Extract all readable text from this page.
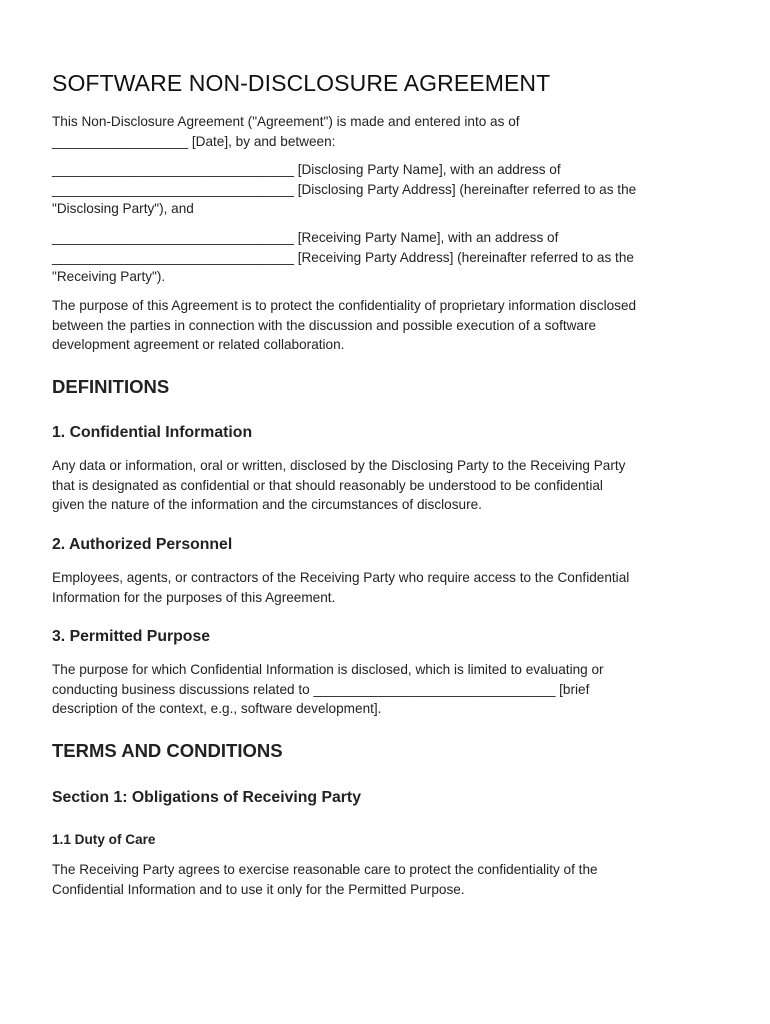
SOFTWARE NON-DISCLOSURE AGREEMENT

This Non-Disclosure Agreement ("Agreement") is made and entered into as of

__________________ [Date], by and between:

________________________________ [Disclosing Party Name], with an address of

________________________________ [Disclosing Party Address] (hereinafter referred to as the

"Disclosing Party"), and

________________________________ [Receiving Party Name], with an address of

________________________________ [Receiving Party Address] (hereinafter referred to as the

"Receiving Party").

The purpose of this Agreement is to protect the confidentiality of proprietary information disclosed

between the parties in connection with the discussion and possible execution of a software

development agreement or related collaboration.

DEFINITIONS
1. Confidential Information

Any data or information, oral or written, disclosed by the Disclosing Party to the Receiving Party

that is designated as confidential or that should reasonably be understood to be confidential

given the nature of the information and the circumstances of disclosure.

2. Authorized Personnel

Employees, agents, or contractors of the Receiving Party who require access to the Confidential

Information for the purposes of this Agreement.

3. Permitted Purpose

The purpose for which Confidential Information is disclosed, which is limited to evaluating or

conducting business discussions related to ________________________________ [brief

description of the context, e.g., software development].

TERMS AND CONDITIONS
Section 1: Obligations of Receiving Party
1.1 Duty of Care

The Receiving Party agrees to exercise reasonable care to protect the confidentiality of the

Confidential Information and to use it only for the Permitted Purpose.
